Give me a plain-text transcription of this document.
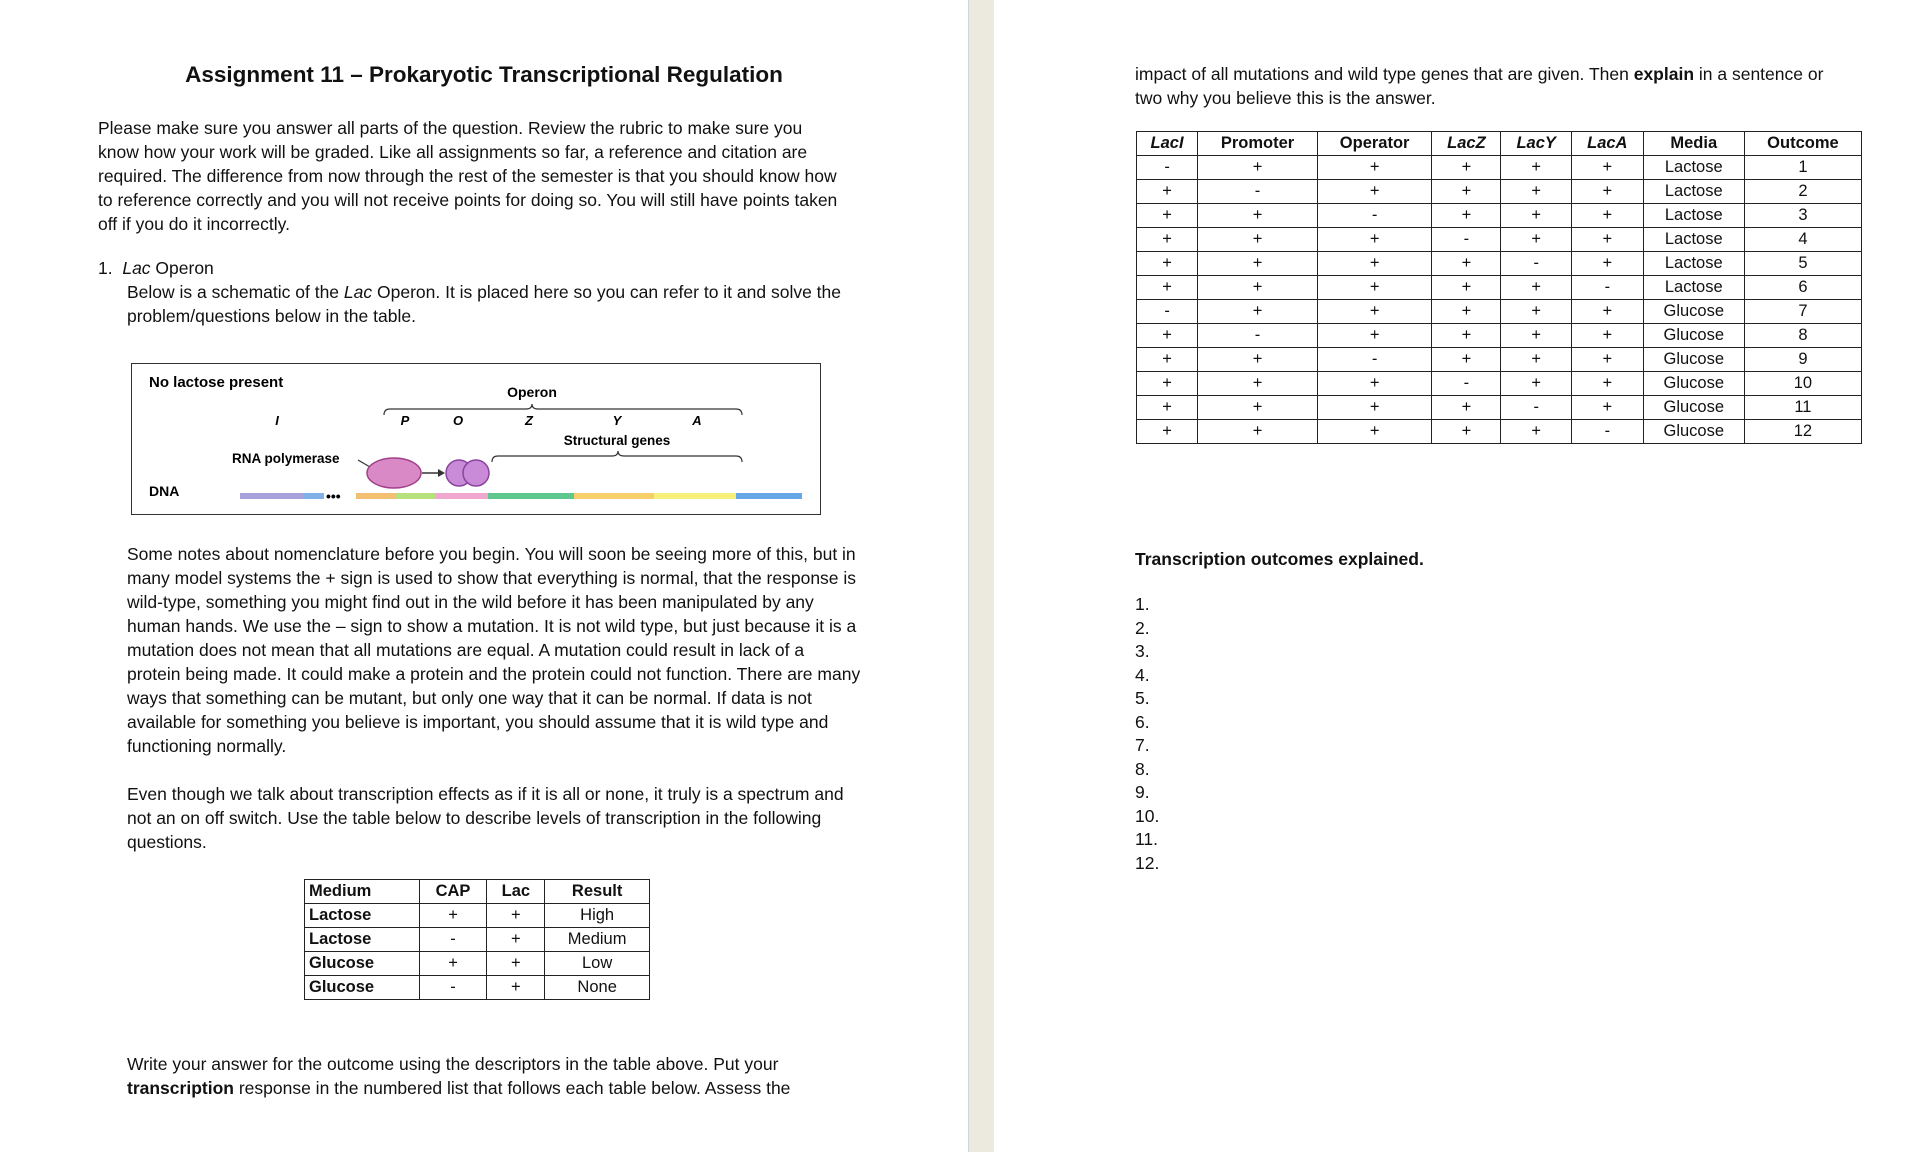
Assignment 11 – Prokaryotic Transcriptional Regulation
Please make sure you answer all parts of the question. Review the rubric to make sure you know how your work will be graded. Like all assignments so far, a reference and citation are required. The difference from now through the rest of the semester is that you should know how to reference correctly and you will not receive points for doing so. You will still have points taken off if you do it incorrectly.
1. Lac Operon
Below is a schematic of the Lac Operon. It is placed here so you can refer to it and solve the problem/questions below in the table.
No lactose present
Operon
I	P	O	Z	Y	A
Structural genes
RNA polymerase
DNA	•••
Some notes about nomenclature before you begin. You will soon be seeing more of this, but in many model systems the + sign is used to show that everything is normal, that the response is wild-type, something you might find out in the wild before it has been manipulated by any human hands. We use the – sign to show a mutation. It is not wild type, but just because it is a mutation does not mean that all mutations are equal. A mutation could result in lack of a protein being made. It could make a protein and the protein could not function. There are many ways that something can be mutant, but only one way that it can be normal. If data is not available for something you believe is important, you should assume that it is wild type and functioning normally.
Even though we talk about transcription effects as if it is all or none, it truly is a spectrum and not an on off switch. Use the table below to describe levels of transcription in the following questions.
Medium	CAP	Lac	Result
Lactose	+	+	High
Lactose	-	+	Medium
Glucose	+	+	Low
Glucose	-	+	None
Write your answer for the outcome using the descriptors in the table above. Put your transcription response in the numbered list that follows each table below. Assess the
impact of all mutations and wild type genes that are given. Then explain in a sentence or two why you believe this is the answer.
LacI	Promoter	Operator	LacZ	LacY	LacA	Media	Outcome
-	+	+	+	+	+	Lactose	1
+	-	+	+	+	+	Lactose	2
+	+	-	+	+	+	Lactose	3
+	+	+	-	+	+	Lactose	4
+	+	+	+	-	+	Lactose	5
+	+	+	+	+	-	Lactose	6
-	+	+	+	+	+	Glucose	7
+	-	+	+	+	+	Glucose	8
+	+	-	+	+	+	Glucose	9
+	+	+	-	+	+	Glucose	10
+	+	+	+	-	+	Glucose	11
+	+	+	+	+	-	Glucose	12
Transcription outcomes explained.
1.
2.
3.
4.
5.
6.
7.
8.
9.
10.
11.
12.
